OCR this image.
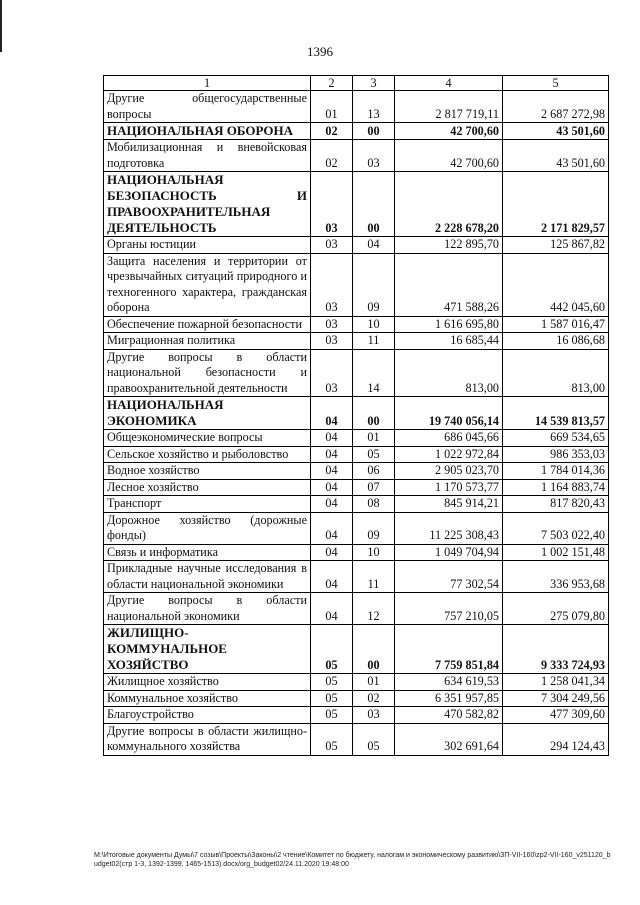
1396
1	2	3	4	5
Другие общегосударственные вопросы	01	13	2 817 719,11	2 687 272,98
НАЦИОНАЛЬНАЯ ОБОРОНА	02	00	42 700,60	43 501,60
Мобилизационная и вневойсковая подготовка	02	03	42 700,60	43 501,60
НАЦИОНАЛЬНАЯ БЕЗОПАСНОСТЬ И ПРАВООХРАНИТЕЛЬНАЯ ДЕЯТЕЛЬНОСТЬ	03	00	2 228 678,20	2 171 829,57
Органы юстиции	03	04	122 895,70	125 867,82
Защита населения и территории от чрезвычайных ситуаций природного и техногенного характера, гражданская оборона	03	09	471 588,26	442 045,60
Обеспечение пожарной безопасности	03	10	1 616 695,80	1 587 016,47
Миграционная политика	03	11	16 685,44	16 086,68
Другие вопросы в области национальной безопасности и правоохранительной деятельности	03	14	813,00	813,00
НАЦИОНАЛЬНАЯ ЭКОНОМИКА	04	00	19 740 056,14	14 539 813,57
Общеэкономические вопросы	04	01	686 045,66	669 534,65
Сельское хозяйство и рыболовство	04	05	1 022 972,84	986 353,03
Водное хозяйство	04	06	2 905 023,70	1 784 014,36
Лесное хозяйство	04	07	1 170 573,77	1 164 883,74
Транспорт	04	08	845 914,21	817 820,43
Дорожное хозяйство (дорожные фонды)	04	09	11 225 308,43	7 503 022,40
Связь и информатика	04	10	1 049 704,94	1 002 151,48
Прикладные научные исследования в области национальной экономики	04	11	77 302,54	336 953,68
Другие вопросы в области национальной экономики	04	12	757 210,05	275 079,80
ЖИЛИЩНО-КОММУНАЛЬНОЕ ХОЗЯЙСТВО	05	00	7 759 851,84	9 333 724,93
Жилищное хозяйство	05	01	634 619,53	1 258 041,34
Коммунальное хозяйство	05	02	6 351 957,85	7 304 249,56
Благоустройство	05	03	470 582,82	477 309,60
Другие вопросы в области жилищно-коммунального хозяйства	05	05	302 691,64	294 124,43
M:\Итоговые документы Думы\7 созыв\Проекты\Законы\2 чтение\Комитет по бюджету, налогам и экономическому развитию\ЗП-VII-160\zp2-VII-160_v251120_budget02(стр 1-3, 1392-1399, 1465-1513).docx/org_budget02/24.11.2020 19:48:00
